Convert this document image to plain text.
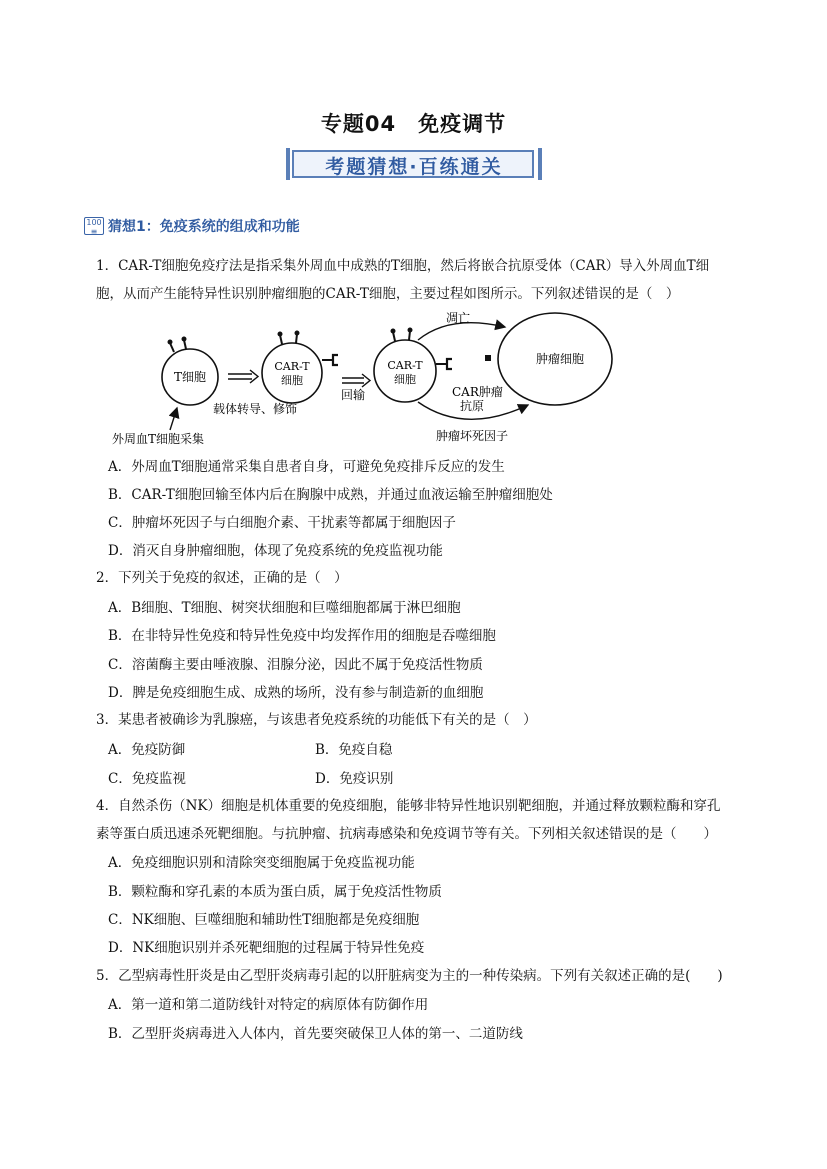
专题04　免疫调节
考题猜想·百练通关
100
≡ 猜想1：免疫系统的组成和功能
1．CAR-T细胞免疫疗法是指采集外周血中成熟的T细胞，然后将嵌合抗原受体（CAR）导入外周血T细
胞，从而产生能特异性识别肿瘤细胞的CAR-T细胞，主要过程如图所示。下列叙述错误的是（　）
T细胞
载体转导、修饰
外周血T细胞采集
CAR-T
细胞
回输
CAR-T
细胞
肿瘤细胞
CAR肿瘤
抗原
凋亡
肿瘤坏死因子
A．外周血T细胞通常采集自患者自身，可避免免疫排斥反应的发生
B．CAR-T细胞回输至体内后在胸腺中成熟，并通过血液运输至肿瘤细胞处
C．肿瘤坏死因子与白细胞介素、干扰素等都属于细胞因子
D．消灭自身肿瘤细胞，体现了免疫系统的免疫监视功能
2．下列关于免疫的叙述，正确的是（　）
A．B细胞、T细胞、树突状细胞和巨噬细胞都属于淋巴细胞
B．在非特异性免疫和特异性免疫中均发挥作用的细胞是吞噬细胞
C．溶菌酶主要由唾液腺、泪腺分泌，因此不属于免疫活性物质
D．脾是免疫细胞生成、成熟的场所，没有参与制造新的血细胞
3．某患者被确诊为乳腺癌，与该患者免疫系统的功能低下有关的是（　）
A．免疫防御	B．免疫自稳
C．免疫监视	D．免疫识别
4．自然杀伤（NK）细胞是机体重要的免疫细胞，能够非特异性地识别靶细胞，并通过释放颗粒酶和穿孔
素等蛋白质迅速杀死靶细胞。与抗肿瘤、抗病毒感染和免疫调节等有关。下列相关叙述错误的是（　　）
A．免疫细胞识别和清除突变细胞属于免疫监视功能
B．颗粒酶和穿孔素的本质为蛋白质，属于免疫活性物质
C．NK细胞、巨噬细胞和辅助性T细胞都是免疫细胞
D．NK细胞识别并杀死靶细胞的过程属于特异性免疫
5．乙型病毒性肝炎是由乙型肝炎病毒引起的以肝脏病变为主的一种传染病。下列有关叙述正确的是(　　)
A．第一道和第二道防线针对特定的病原体有防御作用
B．乙型肝炎病毒进入人体内，首先要突破保卫人体的第一、二道防线
